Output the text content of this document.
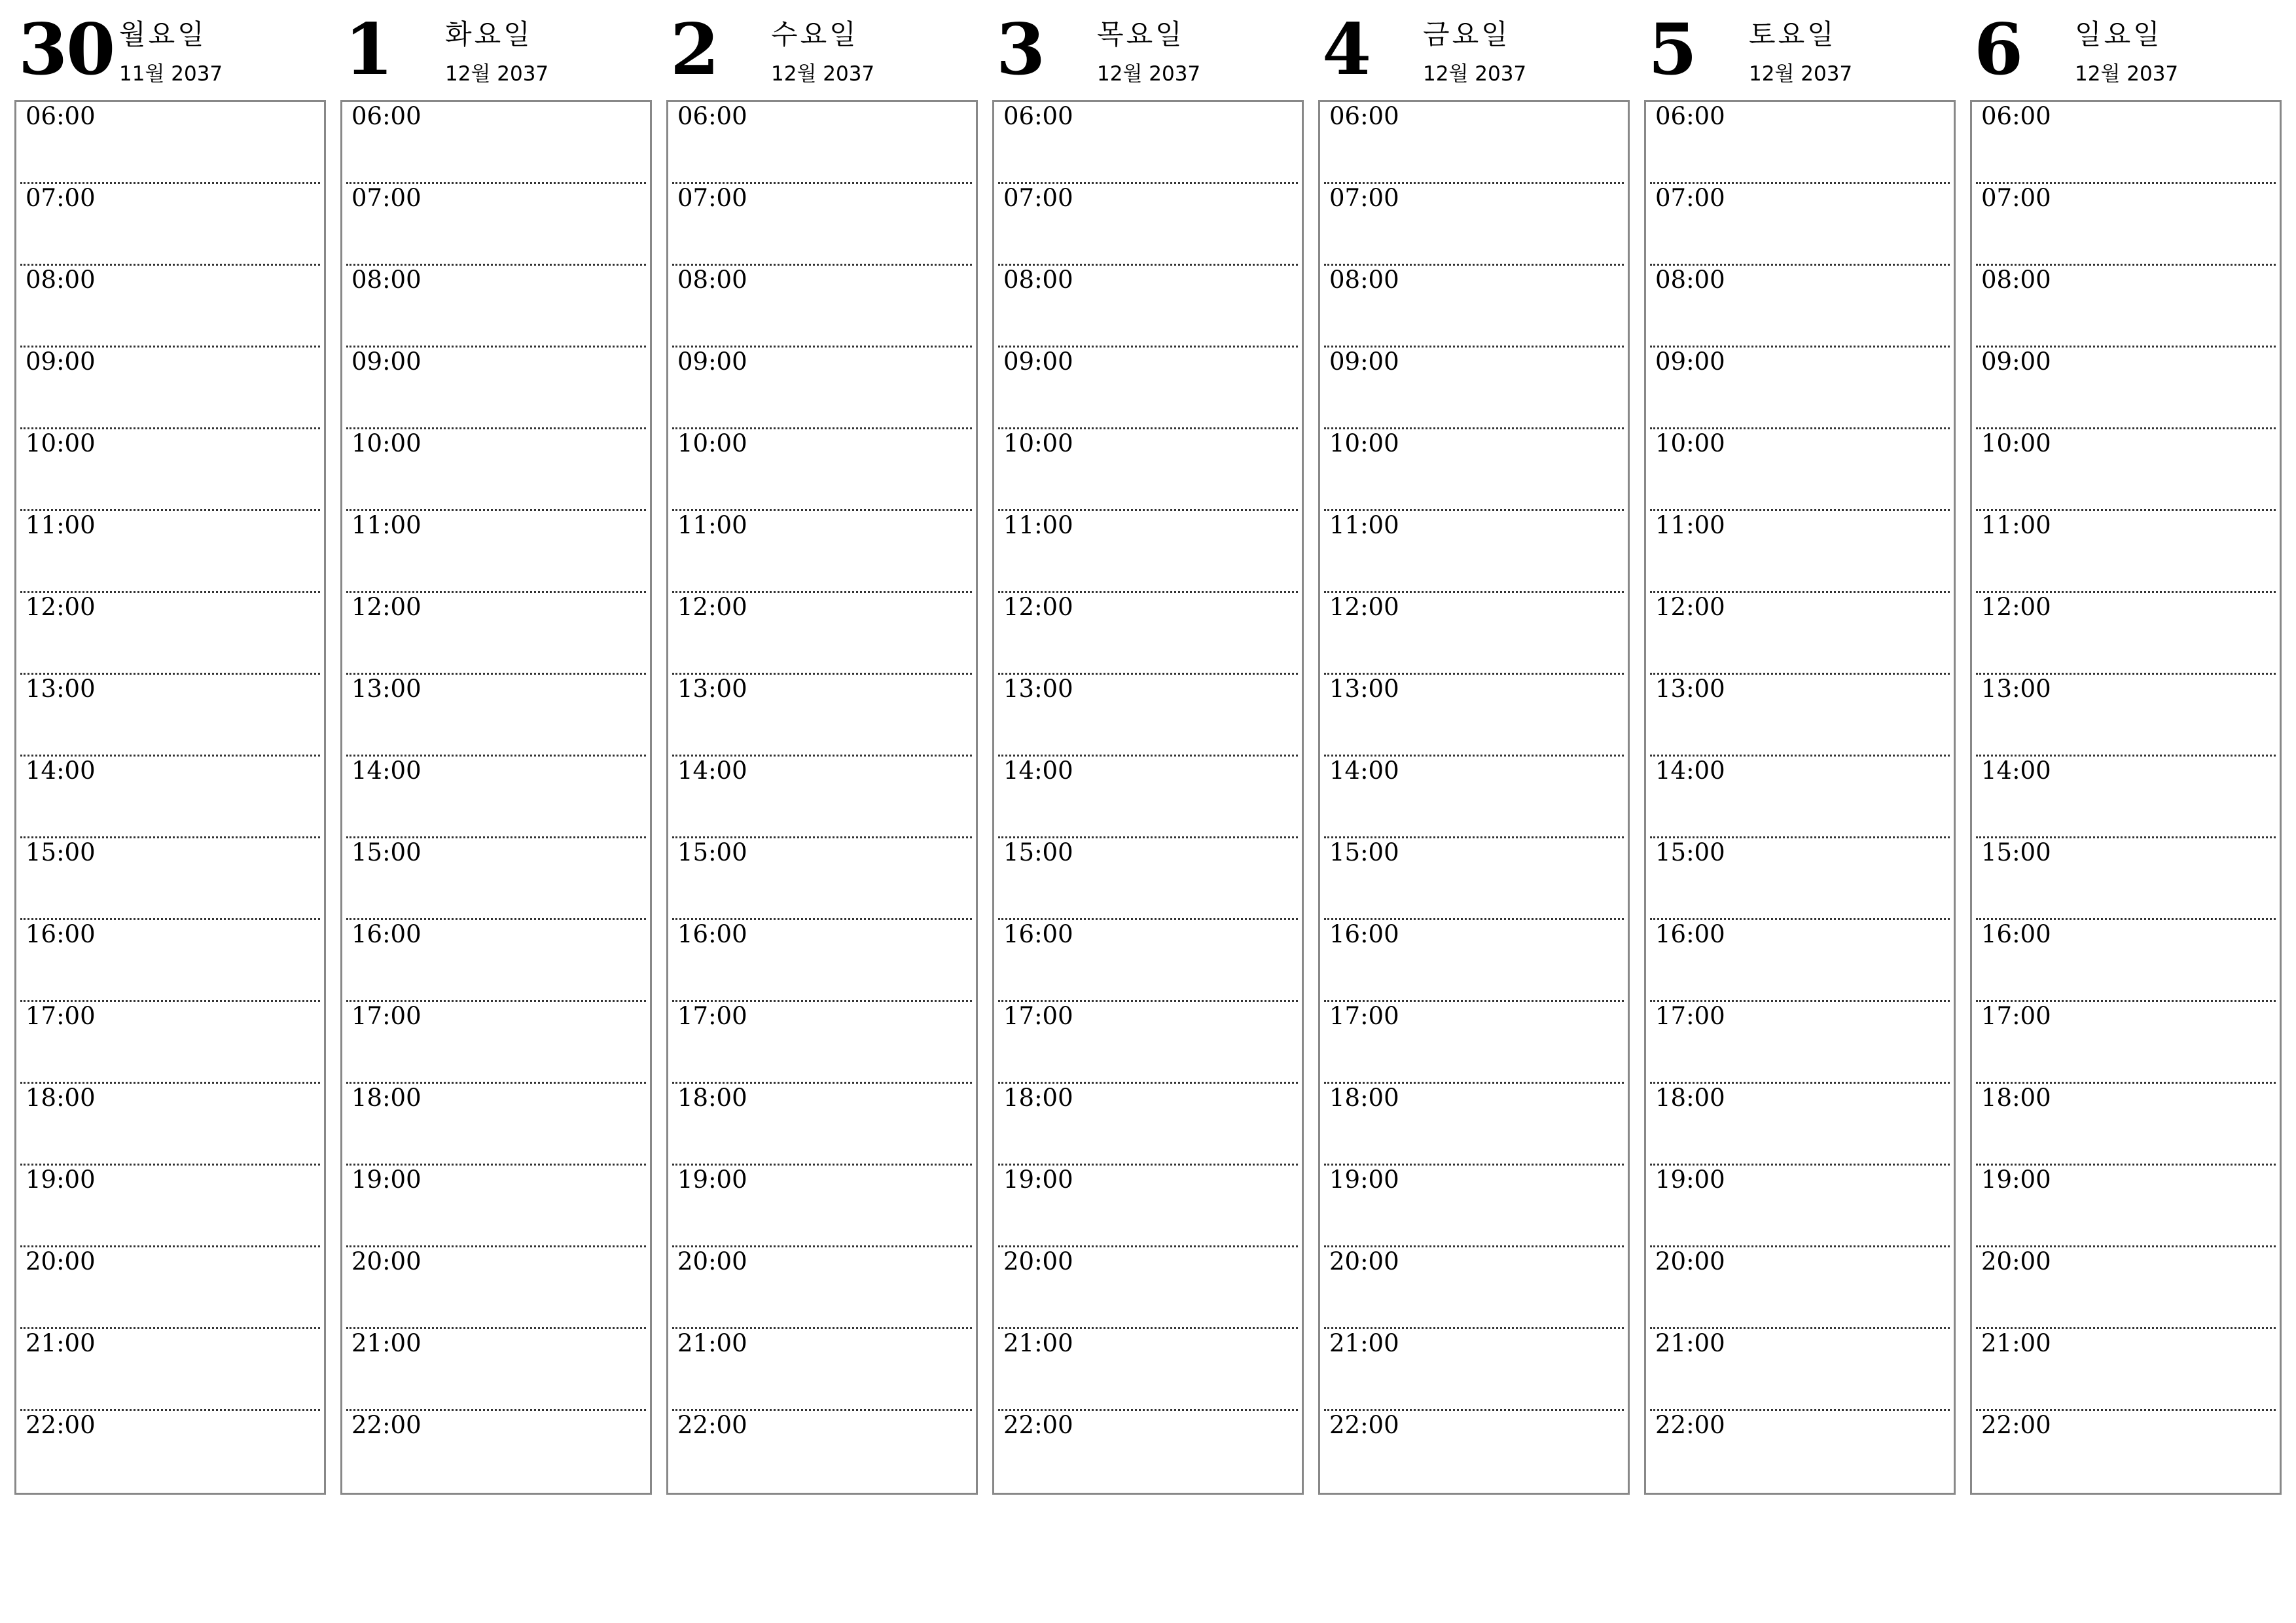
30 월요일
11월 2037
06:00
07:00
08:00
09:00
10:00
11:00
12:00
13:00
14:00
15:00
16:00
17:00
18:00
19:00
20:00
21:00
22:00
1 화요일
12월 2037
06:00
07:00
08:00
09:00
10:00
11:00
12:00
13:00
14:00
15:00
16:00
17:00
18:00
19:00
20:00
21:00
22:00
2 수요일
12월 2037
06:00
07:00
08:00
09:00
10:00
11:00
12:00
13:00
14:00
15:00
16:00
17:00
18:00
19:00
20:00
21:00
22:00
3 목요일
12월 2037
06:00
07:00
08:00
09:00
10:00
11:00
12:00
13:00
14:00
15:00
16:00
17:00
18:00
19:00
20:00
21:00
22:00
4 금요일
12월 2037
06:00
07:00
08:00
09:00
10:00
11:00
12:00
13:00
14:00
15:00
16:00
17:00
18:00
19:00
20:00
21:00
22:00
5 토요일
12월 2037
06:00
07:00
08:00
09:00
10:00
11:00
12:00
13:00
14:00
15:00
16:00
17:00
18:00
19:00
20:00
21:00
22:00
6 일요일
12월 2037
06:00
07:00
08:00
09:00
10:00
11:00
12:00
13:00
14:00
15:00
16:00
17:00
18:00
19:00
20:00
21:00
22:00
